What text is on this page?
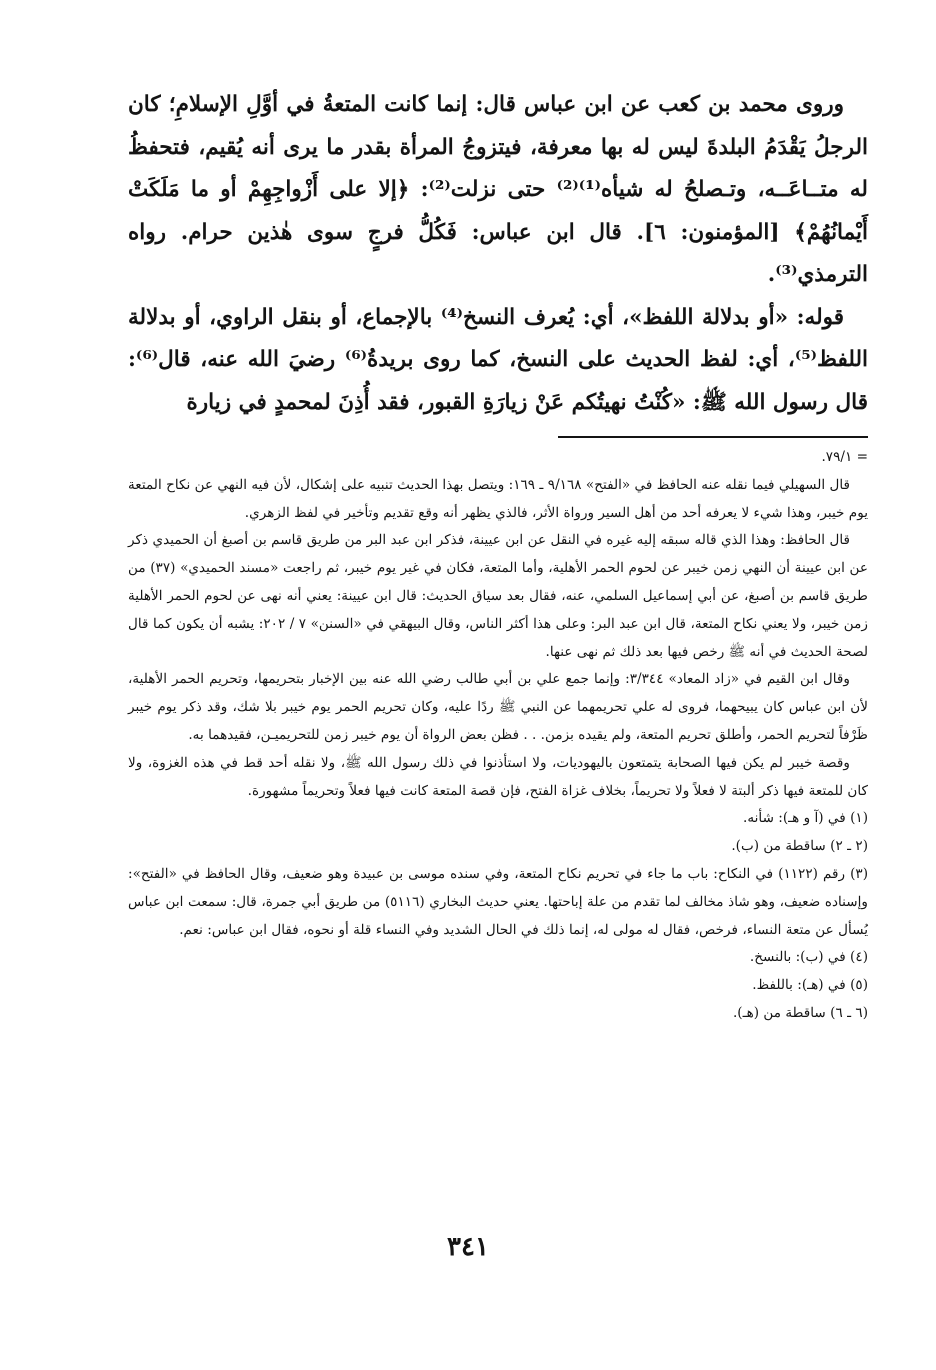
وروى محمد بن كعب عن ابن عباس قال: إنما كانت المتعةُ في أوَّلِ الإسلامِ؛ كان الرجلُ يَقْدَمُ البلدةَ ليس له بها معرفة، فيتزوجُ المرأة بقدر ما يرى أنه يُقيم، فتحفظُ له متــاعَــه، وتـصلحُ له شيأه⁽¹⁾⁽²⁾ حتى نزلت⁽²⁾: ﴿إلا على أَزْواجِهِمْ أو ما مَلَكَتْ أَيْمانُهُمْ﴾ [المؤمنون: ٦]. قال ابن عباس: فَكُلُّ فرجٍ سوى هٰذين حرام. رواه الترمذي⁽³⁾.

قوله: «أو بدلالة اللفظ»، أي: يُعرف النسخ⁽⁴⁾ بالإجماع، أو بنقل الراوي، أو بدلالة اللفظ⁽⁵⁾، أي: لفظ الحديث على النسخ، كما روى بريدةُ⁽⁶⁾ رضيَ الله عنه، قال⁽⁶⁾: قال رسول الله ﷺ: «كُنْتُ نهيتُكم عَنْ زيارَةِ القبور، فقد أُذِنَ لمحمدٍ في زيارة

= ٧٩/١.

قال السهيلي فيما نقله عنه الحافظ في «الفتح» ٩/١٦٨ ـ ١٦٩: ويتصل بهذا الحديث تنبيه على إشكال، لأن فيه النهي عن نكاح المتعة يوم خيبر، وهذا شيء لا يعرفه أحد من أهل السير ورواة الأثر، فالذي يظهر أنه وقع تقديم وتأخير في لفظ الزهري.

قال الحافظ: وهذا الذي قاله سبقه إليه غيره في النقل عن ابن عيينة، فذكر ابن عبد البر من طريق قاسم بن أصبغ أن الحميدي ذكر عن ابن عيينة أن النهي زمن خيبر عن لحوم الحمر الأهلية، وأما المتعة، فكان في غير يوم خيبر، ثم راجعت «مسند الحميدي» (٣٧) من طريق قاسم بن أصبغ، عن أبي إسماعيل السلمي، عنه، فقال بعد سياق الحديث: قال ابن عيينة: يعني أنه نهى عن لحوم الحمر الأهلية زمن خيبر، ولا يعني نكاح المتعة، قال ابن عبد البر: وعلى هذا أكثر الناس، وقال البيهقي في «السنن» ٧ / ٢٠٢: يشبه أن يكون كما قال لصحة الحديث في أنه ﷺ رخص فيها بعد ذلك ثم نهى عنها.

وقال ابن القيم في «زاد المعاد» ٣/٣٤٤: وإنما جمع علي بن أبي طالب رضي الله عنه بين الإخبار بتحريمها، وتحريم الحمر الأهلية، لأن ابن عباس كان يبيحهما، فروى له علي تحريمهما عن النبي ﷺ ردًا عليه، وكان تحريم الحمر يوم خيبر بلا شك، وقد ذكر يوم خيبر ظَرْفاً لتحريم الحمر، وأطلق تحريم المتعة، ولم يقيده بزمن. . . فظن بعض الرواة أن يوم خيبر زمن للتحريميـن، فقيدهما به.

وقصة خيبر لم يكن فيها الصحابة يتمتعون باليهوديات، ولا استأذنوا في ذلك رسول الله ﷺ، ولا نقله أحد قط في هذه الغزوة، ولا كان للمتعة فيها ذكر ألبتة لا فعلاً ولا تحريماً، بخلاف غزاة الفتح، فإن قصة المتعة كانت فيها فعلاً وتحريماً مشهورة.

(١) في (آ و هـ): شأنه.

(٢ ـ ٢) ساقطة من (ب).

(٣) رقم (١١٢٢) في النكاح: باب ما جاء في تحريم نكاح المتعة، وفي سنده موسى بن عبيدة وهو ضعيف، وقال الحافظ في «الفتح»: وإسناده ضعيف، وهو شاذ مخالف لما تقدم من علة إباحتها. يعني حديث البخاري (٥١١٦) من طريق أبي جمرة، قال: سمعت ابن عباس يُسأل عن متعة النساء، فرخص، فقال له مولى له، إنما ذلك في الحال الشديد وفي النساء قلة أو نحوه، فقال ابن عباس: نعم.

(٤) في (ب): بالنسخ.

(٥) في (هـ): باللفظ.

(٦ ـ ٦) ساقطة من (هـ).

٣٤١
